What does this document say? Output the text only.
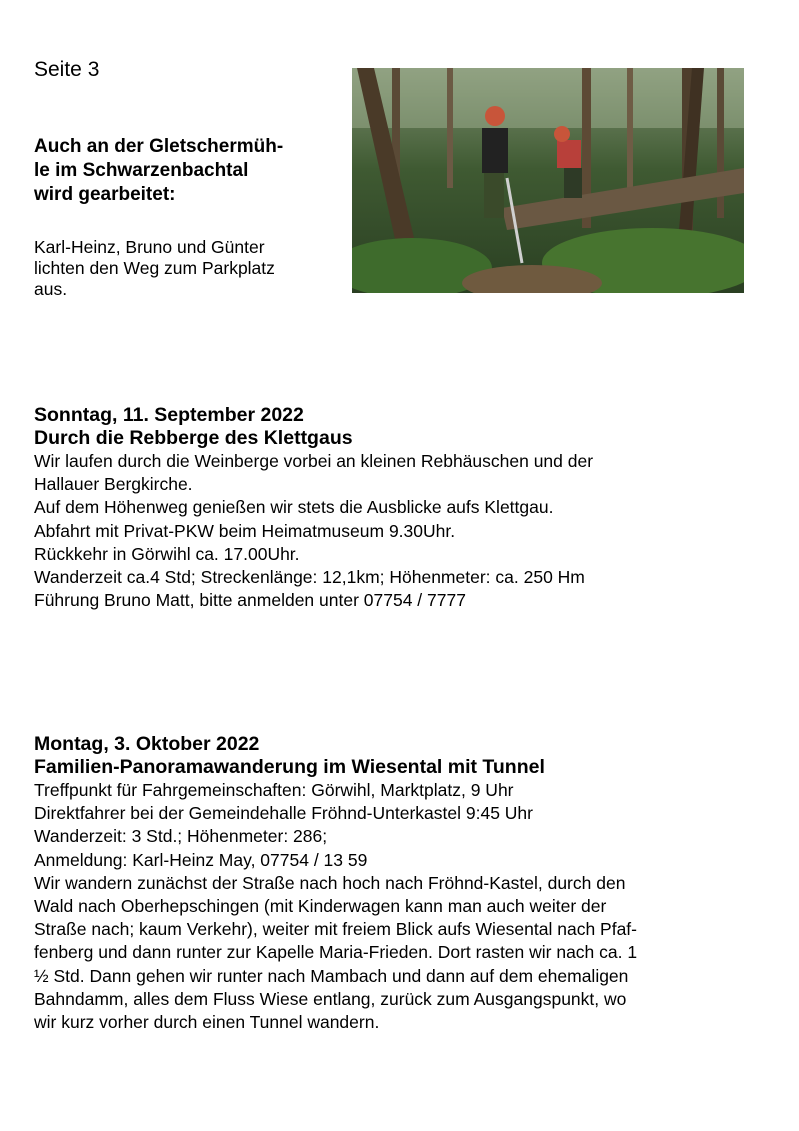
Seite 3
Auch an der Gletschermüh-
le im Schwarzenbachtal
wird gearbeitet:

Karl-Heinz, Bruno und Günter
lichten den Weg zum Parkplatz
aus.

Sonntag, 11. September 2022
Durch die Rebberge des Klettgaus

Wir laufen durch die Weinberge vorbei an kleinen Rebhäuschen und der
Hallauer Bergkirche.
Auf dem Höhenweg genießen wir stets die Ausblicke aufs Klettgau.
Abfahrt mit Privat-PKW beim Heimatmuseum 9.30Uhr.
Rückkehr in Görwihl ca. 17.00Uhr.
Wanderzeit ca.4 Std; Streckenlänge: 12,1km; Höhenmeter: ca. 250 Hm
Führung Bruno Matt, bitte anmelden unter 07754 / 7777

Montag, 3. Oktober 2022
Familien-Panoramawanderung im Wiesental mit Tunnel

Treffpunkt für Fahrgemeinschaften: Görwihl, Marktplatz, 9 Uhr
Direktfahrer bei der Gemeindehalle Fröhnd-Unterkastel 9:45 Uhr
Wanderzeit: 3 Std.; Höhenmeter: 286;
Anmeldung: Karl-Heinz May, 07754 / 13 59
Wir wandern zunächst der Straße nach hoch nach Fröhnd-Kastel, durch den
Wald nach Oberhepschingen (mit Kinderwagen kann man auch weiter der
Straße nach; kaum Verkehr), weiter mit freiem Blick aufs Wiesental nach Pfaf-
fenberg und dann runter zur Kapelle Maria-Frieden. Dort rasten wir nach ca. 1
½ Std. Dann gehen wir runter nach Mambach und dann auf dem ehemaligen
Bahndamm, alles dem Fluss Wiese entlang, zurück zum Ausgangspunkt, wo
wir kurz vorher durch einen Tunnel wandern.
